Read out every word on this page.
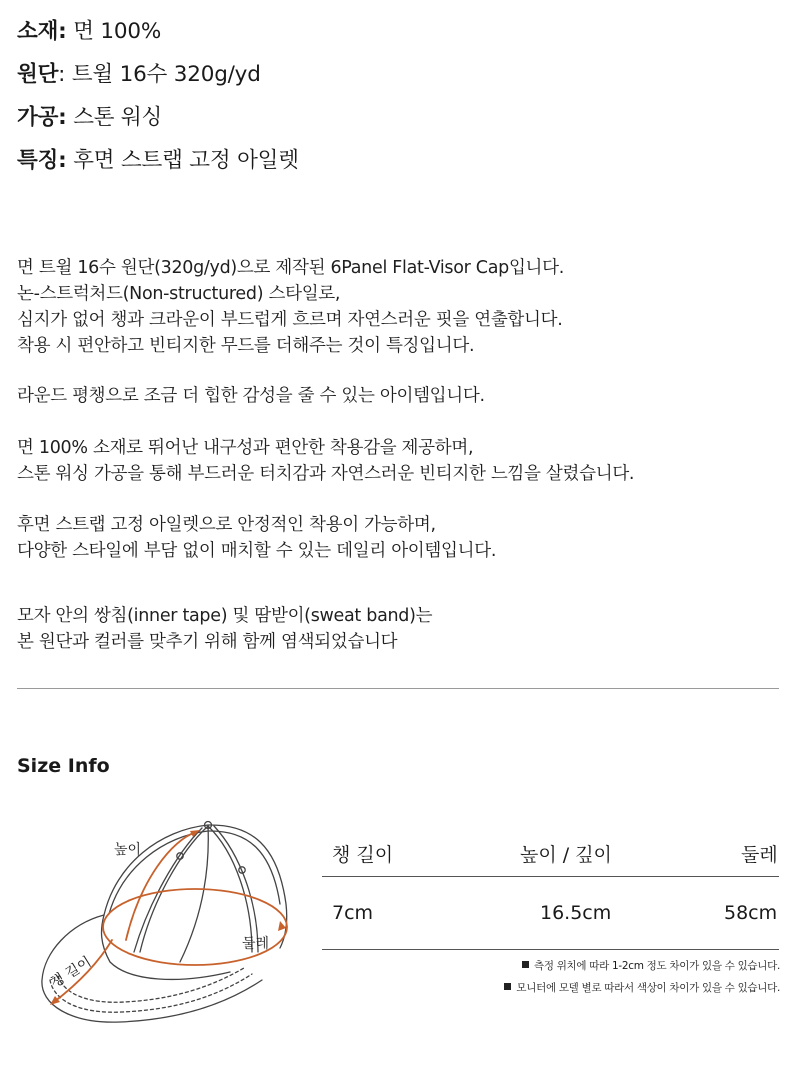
소재: 면 100%
원단: 트윌 16수 320g/yd
가공: 스톤 워싱
특징: 후면 스트랩 고정 아일렛
면 트윌 16수 원단(320g/yd)으로 제작된 6Panel Flat-Visor Cap입니다.
논-스트럭처드(Non-structured) 스타일로,
심지가 없어 챙과 크라운이 부드럽게 흐르며 자연스러운 핏을 연출합니다.
착용 시 편안하고 빈티지한 무드를 더해주는 것이 특징입니다.
라운드 평챙으로 조금 더 힙한 감성을 줄 수 있는 아이템입니다.
면 100% 소재로 뛰어난 내구성과 편안한 착용감을 제공하며,
스톤 워싱 가공을 통해 부드러운 터치감과 자연스러운 빈티지한 느낌을 살렸습니다.
후면 스트랩 고정 아일렛으로 안정적인 착용이 가능하며,
다양한 스타일에 부담 없이 매치할 수 있는 데일리 아이템입니다.
모자 안의 쌍침(inner tape) 및 땀받이(sweat band)는
본 원단과 컬러를 맞추기 위해 함께 염색되었습니다
Size Info
높이
둘레
챙 길이
챙 길이	높이 / 깊이	둘레
7cm	16.5cm	58cm
측정 위치에 따라 1-2cm 정도 차이가 있을 수 있습니다.
모니터에 모델 별로 따라서 색상이 차이가 있을 수 있습니다.
